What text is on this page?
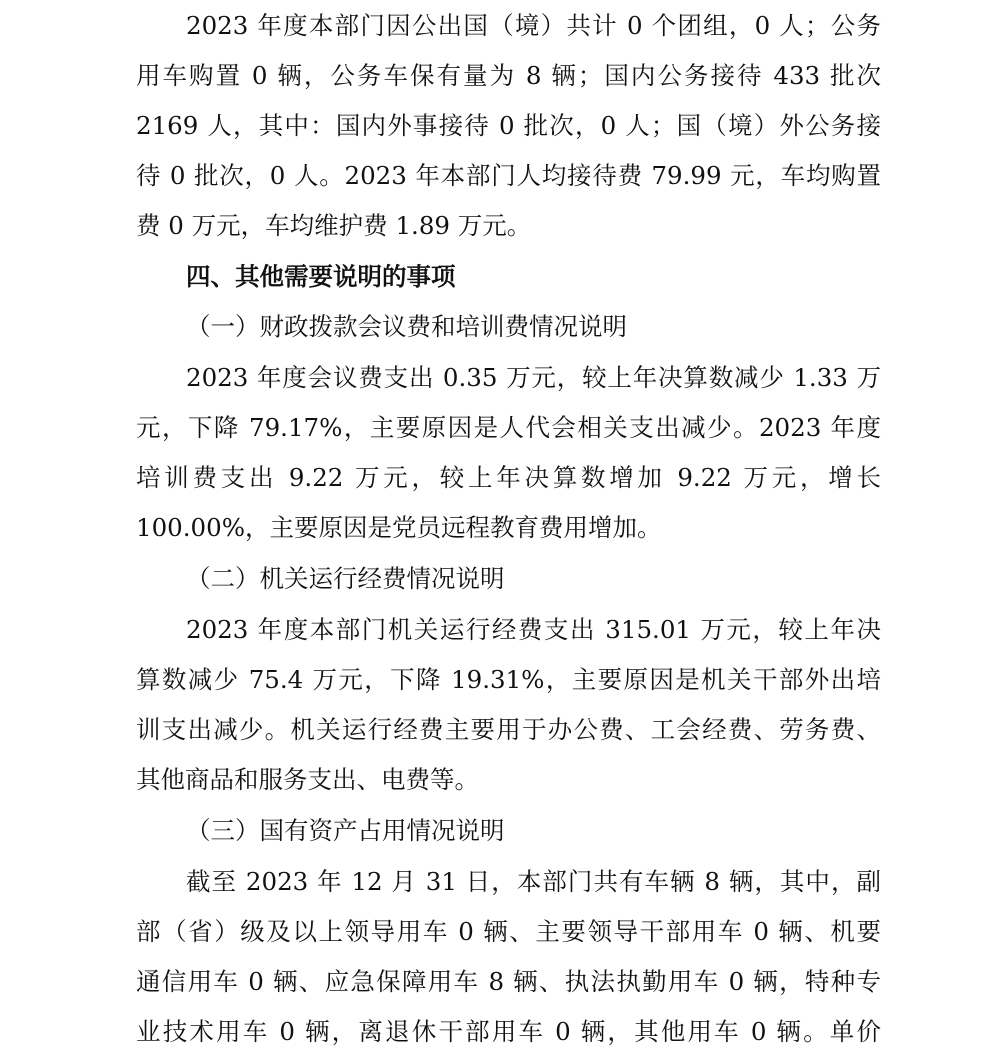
2023 年度本部门因公出国（境）共计 0 个团组，0 人；公务
用车购置 0 辆，公务车保有量为 8 辆；国内公务接待 433 批次
2169 人，其中：国内外事接待 0 批次，0 人；国（境）外公务接
待 0 批次，0 人。2023 年本部门人均接待费 79.99 元，车均购置
费 0 万元，车均维护费 1.89 万元。
四、其他需要说明的事项
（一）财政拨款会议费和培训费情况说明
2023 年度会议费支出 0.35 万元，较上年决算数减少 1.33 万
元，下降 79.17%，主要原因是人代会相关支出减少。2023 年度
培训费支出 9.22 万元，较上年决算数增加 9.22 万元，增长
100.00%，主要原因是党员远程教育费用增加。
（二）机关运行经费情况说明
2023 年度本部门机关运行经费支出 315.01 万元，较上年决
算数减少 75.4 万元，下降 19.31%，主要原因是机关干部外出培
训支出减少。机关运行经费主要用于办公费、工会经费、劳务费、
其他商品和服务支出、电费等。
（三）国有资产占用情况说明
截至 2023 年 12 月 31 日，本部门共有车辆 8 辆，其中，副
部（省）级及以上领导用车 0 辆、主要领导干部用车 0 辆、机要
通信用车 0 辆、应急保障用车 8 辆、执法执勤用车 0 辆，特种专
业技术用车 0 辆，离退休干部用车 0 辆，其他用车 0 辆。单价
